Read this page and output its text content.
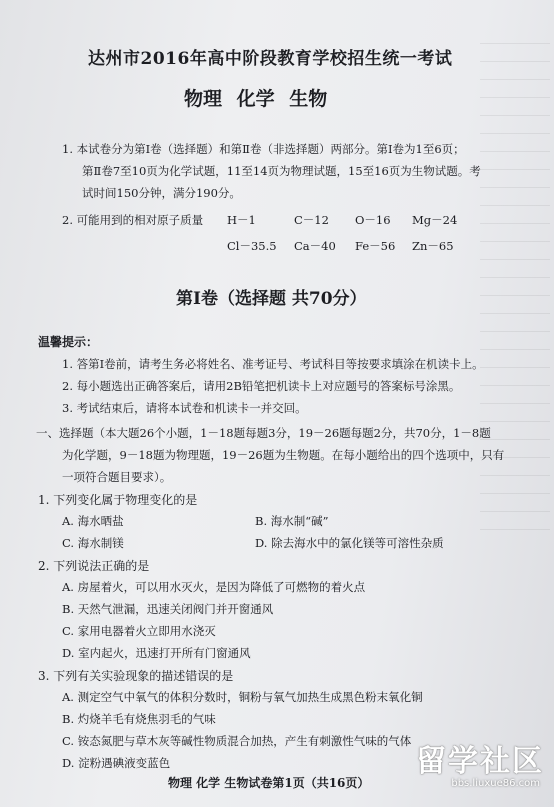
达州市2016年高中阶段教育学校招生统一考试
物理 化学 生物
1. 本试卷分为第Ⅰ卷（选择题）和第Ⅱ卷（非选择题）两部分。第Ⅰ卷为1至6页；
第Ⅱ卷7至10页为化学试题，11至14页为物理试题，15至16页为生物试题。考
试时间150分钟，满分190分。
2. 可能用到的相对原子质量 H－1	C－12 O－16 Mg－24
Cl－35.5 Ca－40 Fe－56 Zn－65
第Ⅰ卷（选择题 共70分）
温馨提示：
1. 答第Ⅰ卷前，请考生务必将姓名、准考证号、考试科目等按要求填涂在机读卡上。
2. 每小题选出正确答案后，请用2B铅笔把机读卡上对应题号的答案标号涂黑。
3. 考试结束后，请将本试卷和机读卡一并交回。
一、选择题（本大题26个小题，1－18题每题3分，19－26题每题2分，共70分，1－8题
为化学题，9－18题为物理题，19－26题为生物题。在每小题给出的四个选项中，只有
一项符合题目要求）。
1. 下列变化属于物理变化的是
A. 海水晒盐	B. 海水制“碱”
C. 海水制镁	D. 除去海水中的氯化镁等可溶性杂质
2. 下列说法正确的是
A. 房屋着火，可以用水灭火，是因为降低了可燃物的着火点
B. 天然气泄漏，迅速关闭阀门并开窗通风
C. 家用电器着火立即用水浇灭
D. 室内起火，迅速打开所有门窗通风
3. 下列有关实验现象的描述错误的是
A. 测定空气中氧气的体积分数时，铜粉与氧气加热生成黑色粉末氧化铜
B. 灼烧羊毛有烧焦羽毛的气味
C. 铵态氮肥与草木灰等碱性物质混合加热，产生有刺激性气味的气体
D. 淀粉遇碘液变蓝色
物理 化学 生物试卷第1页（共16页）
留学社区
bbs.liuxue86.com
